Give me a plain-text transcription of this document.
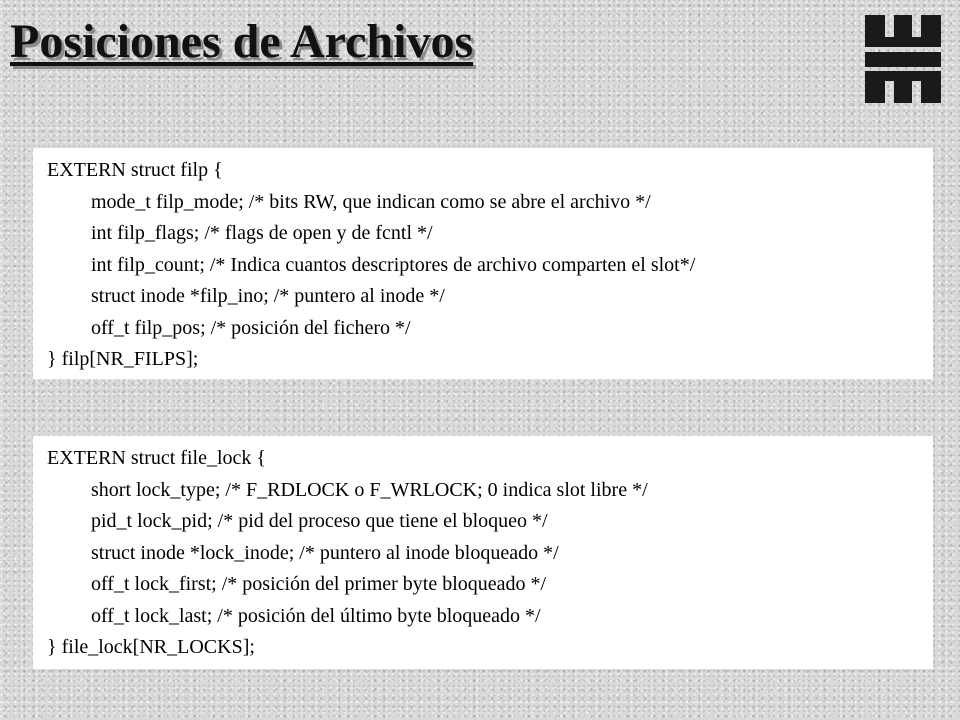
Posiciones de Archivos
EXTERN struct filp {
mode_t filp_mode; /* bits RW, que indican como se abre el archivo */
int filp_flags; /* flags de open y de fcntl */
int filp_count; /* Indica cuantos descriptores de archivo comparten el slot*/
struct inode *filp_ino; /* puntero al inode */
off_t filp_pos; /* posición del fichero */
} filp[NR_FILPS];
EXTERN struct file_lock {
short lock_type; /* F_RDLOCK o F_WRLOCK; 0 indica slot libre */
pid_t lock_pid; /* pid del proceso que tiene el bloqueo */
struct inode *lock_inode; /* puntero al inode bloqueado */
off_t lock_first; /* posición del primer byte bloqueado */
off_t lock_last; /* posición del último byte bloqueado */
} file_lock[NR_LOCKS];
